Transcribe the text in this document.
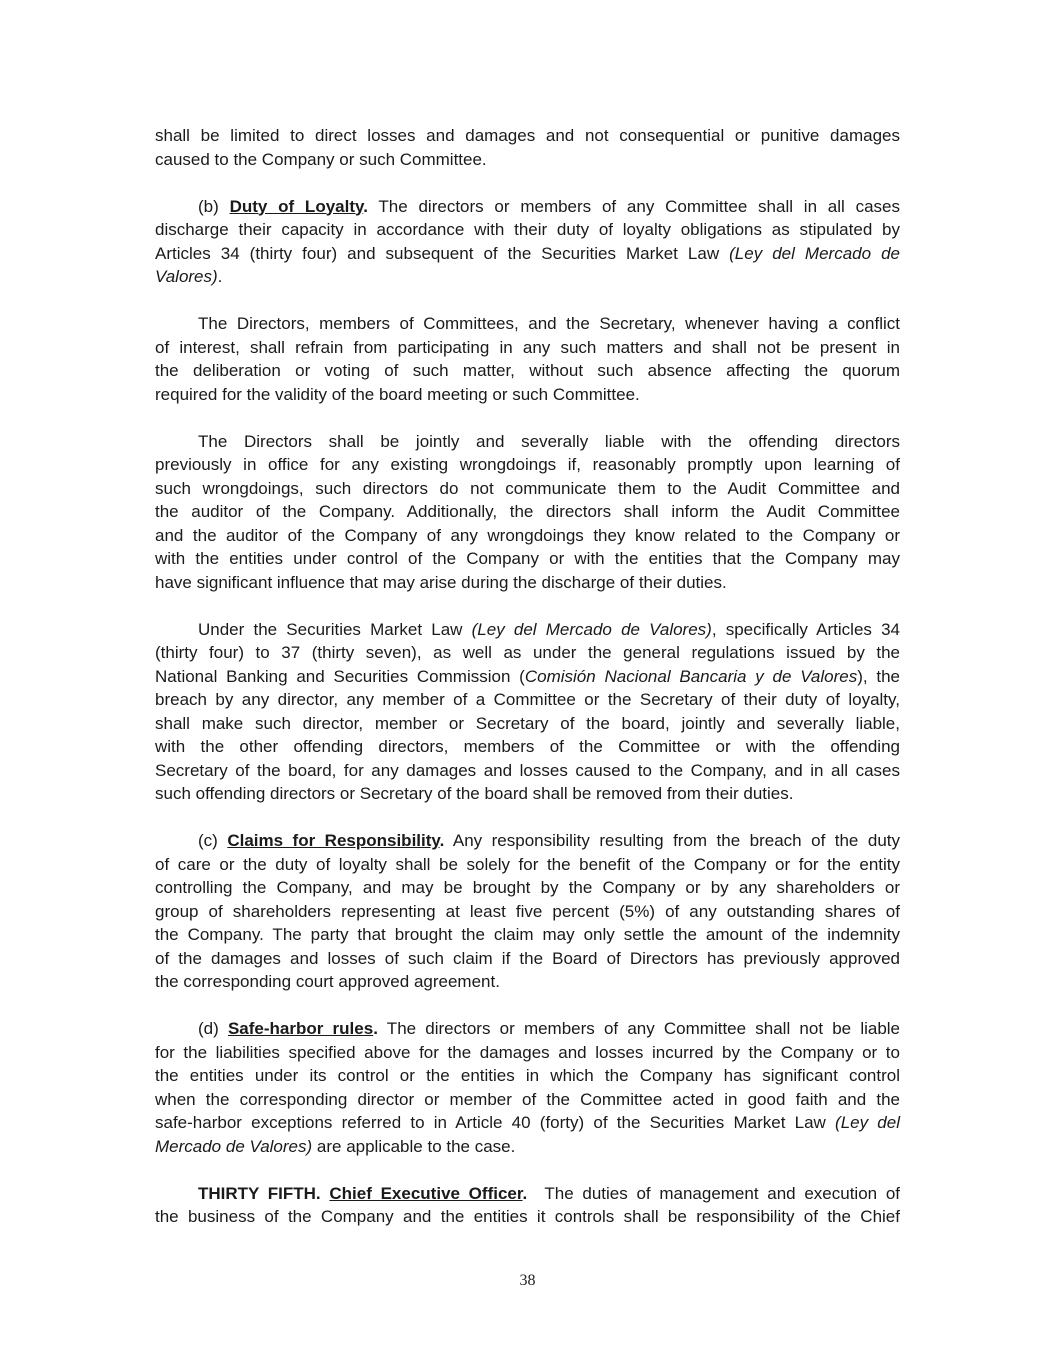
shall be limited to direct losses and damages and not consequential or punitive damages
caused to the Company or such Committee.

(b) Duty of Loyalty. The directors or members of any Committee shall in all cases
discharge their capacity in accordance with their duty of loyalty obligations as stipulated by
Articles 34 (thirty four) and subsequent of the Securities Market Law (Ley del Mercado de
Valores).

The Directors, members of Committees, and the Secretary, whenever having a conflict
of interest, shall refrain from participating in any such matters and shall not be present in
the deliberation or voting of such matter, without such absence affecting the quorum
required for the validity of the board meeting or such Committee.

The Directors shall be jointly and severally liable with the offending directors
previously in office for any existing wrongdoings if, reasonably promptly upon learning of
such wrongdoings, such directors do not communicate them to the Audit Committee and
the auditor of the Company. Additionally, the directors shall inform the Audit Committee
and the auditor of the Company of any wrongdoings they know related to the Company or
with the entities under control of the Company or with the entities that the Company may
have significant influence that may arise during the discharge of their duties.

Under the Securities Market Law (Ley del Mercado de Valores), specifically Articles 34
(thirty four) to 37 (thirty seven), as well as under the general regulations issued by the
National Banking and Securities Commission (Comisión Nacional Bancaria y de Valores), the
breach by any director, any member of a Committee or the Secretary of their duty of loyalty,
shall make such director, member or Secretary of the board, jointly and severally liable,
with the other offending directors, members of the Committee or with the offending
Secretary of the board, for any damages and losses caused to the Company, and in all cases
such offending directors or Secretary of the board shall be removed from their duties.

(c) Claims for Responsibility. Any responsibility resulting from the breach of the duty
of care or the duty of loyalty shall be solely for the benefit of the Company or for the entity
controlling the Company, and may be brought by the Company or by any shareholders or
group of shareholders representing at least five percent (5%) of any outstanding shares of
the Company. The party that brought the claim may only settle the amount of the indemnity
of the damages and losses of such claim if the Board of Directors has previously approved
the corresponding court approved agreement.

(d) Safe-harbor rules. The directors or members of any Committee shall not be liable
for the liabilities specified above for the damages and losses incurred by the Company or to
the entities under its control or the entities in which the Company has significant control
when the corresponding director or member of the Committee acted in good faith and the
safe-harbor exceptions referred to in Article 40 (forty) of the Securities Market Law (Ley del
Mercado de Valores) are applicable to the case.

THIRTY FIFTH. Chief Executive Officer.  The duties of management and execution of
the business of the Company and the entities it controls shall be responsibility of the Chief

38
